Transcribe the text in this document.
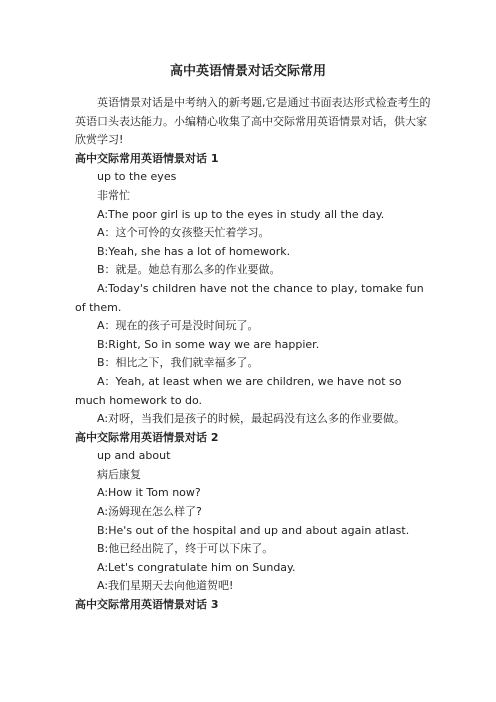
高中英语情景对话交际常用

英语情景对话是中考纳入的新考题,它是通过书面表达形式检查考生的英语口头表达能力。小编精心收集了高中交际常用英语情景对话，供大家欣赏学习!

高中交际常用英语情景对话 1

up to the eyes

非常忙

A:The poor girl is up to the eyes in study all the day.

A：这个可怜的女孩整天忙着学习。

B:Yeah, she has a lot of homework.

B：就是。她总有那么多的作业要做。

A:Today's children have not the chance to play, tomake fun of them.

A：现在的孩子可是没时间玩了。

B:Right, So in some way we are happier.

B：相比之下，我们就幸福多了。

A：Yeah, at least when we are children, we have not so much homework to do.

A:对呀，当我们是孩子的时候，最起码没有这么多的作业要做。

高中交际常用英语情景对话 2

up and about

病后康复

A:How it Tom now?

A:汤姆现在怎么样了?

B:He's out of the hospital and up and about again atlast.

B:他已经出院了，终于可以下床了。

A:Let's congratulate him on Sunday.

A:我们星期天去向他道贺吧!

高中交际常用英语情景对话 3
